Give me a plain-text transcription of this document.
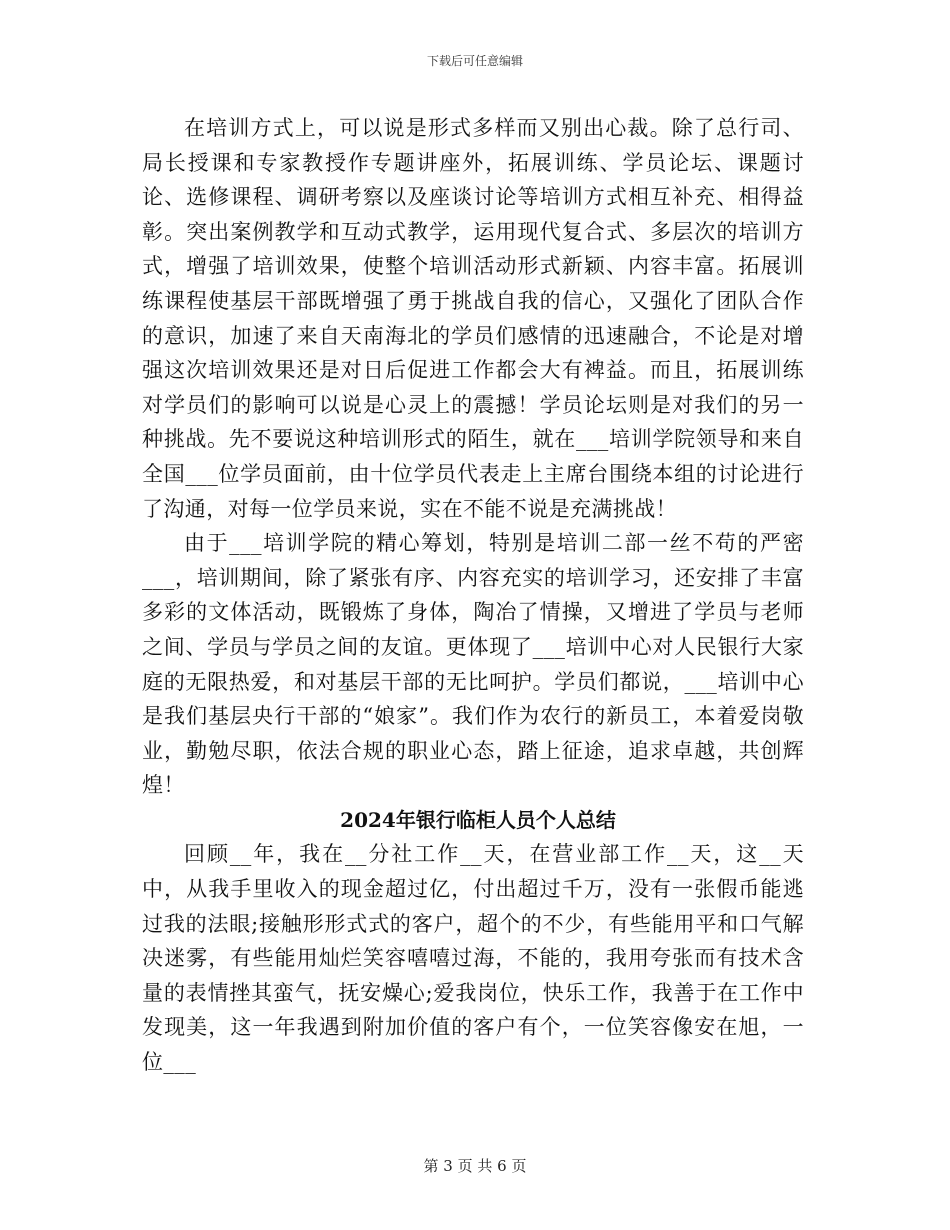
下载后可任意编辑

在培训方式上，可以说是形式多样而又别出心裁。除了总行司、局长授课和专家教授作专题讲座外，拓展训练、学员论坛、课题讨论、选修课程、调研考察以及座谈讨论等培训方式相互补充、相得益彰。突出案例教学和互动式教学，运用现代复合式、多层次的培训方式，增强了培训效果，使整个培训活动形式新颖、内容丰富。拓展训练课程使基层干部既增强了勇于挑战自我的信心，又强化了团队合作的意识，加速了来自天南海北的学员们感情的迅速融合，不论是对增强这次培训效果还是对日后促进工作都会大有裨益。而且，拓展训练对学员们的影响可以说是心灵上的震撼！学员论坛则是对我们的另一种挑战。先不要说这种培训形式的陌生，就在___培训学院领导和来自全国___位学员面前，由十位学员代表走上主席台围绕本组的讨论进行了沟通，对每一位学员来说，实在不能不说是充满挑战！

由于___培训学院的精心筹划，特别是培训二部一丝不苟的严密___，培训期间，除了紧张有序、内容充实的培训学习，还安排了丰富多彩的文体活动，既锻炼了身体，陶冶了情操，又增进了学员与老师之间、学员与学员之间的友谊。更体现了___培训中心对人民银行大家庭的无限热爱，和对基层干部的无比呵护。学员们都说，___培训中心是我们基层央行干部的“娘家”。我们作为农行的新员工，本着爱岗敬业，勤勉尽职，依法合规的职业心态，踏上征途，追求卓越，共创辉煌！

2024年银行临柜人员个人总结

回顾__年，我在__分社工作__天，在营业部工作__天，这__天中，从我手里收入的现金超过亿，付出超过千万，没有一张假币能逃过我的法眼;接触形形式式的客户，超个的不少，有些能用平和口气解决迷雾，有些能用灿烂笑容嘻嘻过海，不能的，我用夸张而有技术含量的表情挫其蛮气，抚安燥心;爱我岗位，快乐工作，我善于在工作中发现美，这一年我遇到附加价值的客户有个，一位笑容像安在旭，一位___

第 3 页 共 6 页
